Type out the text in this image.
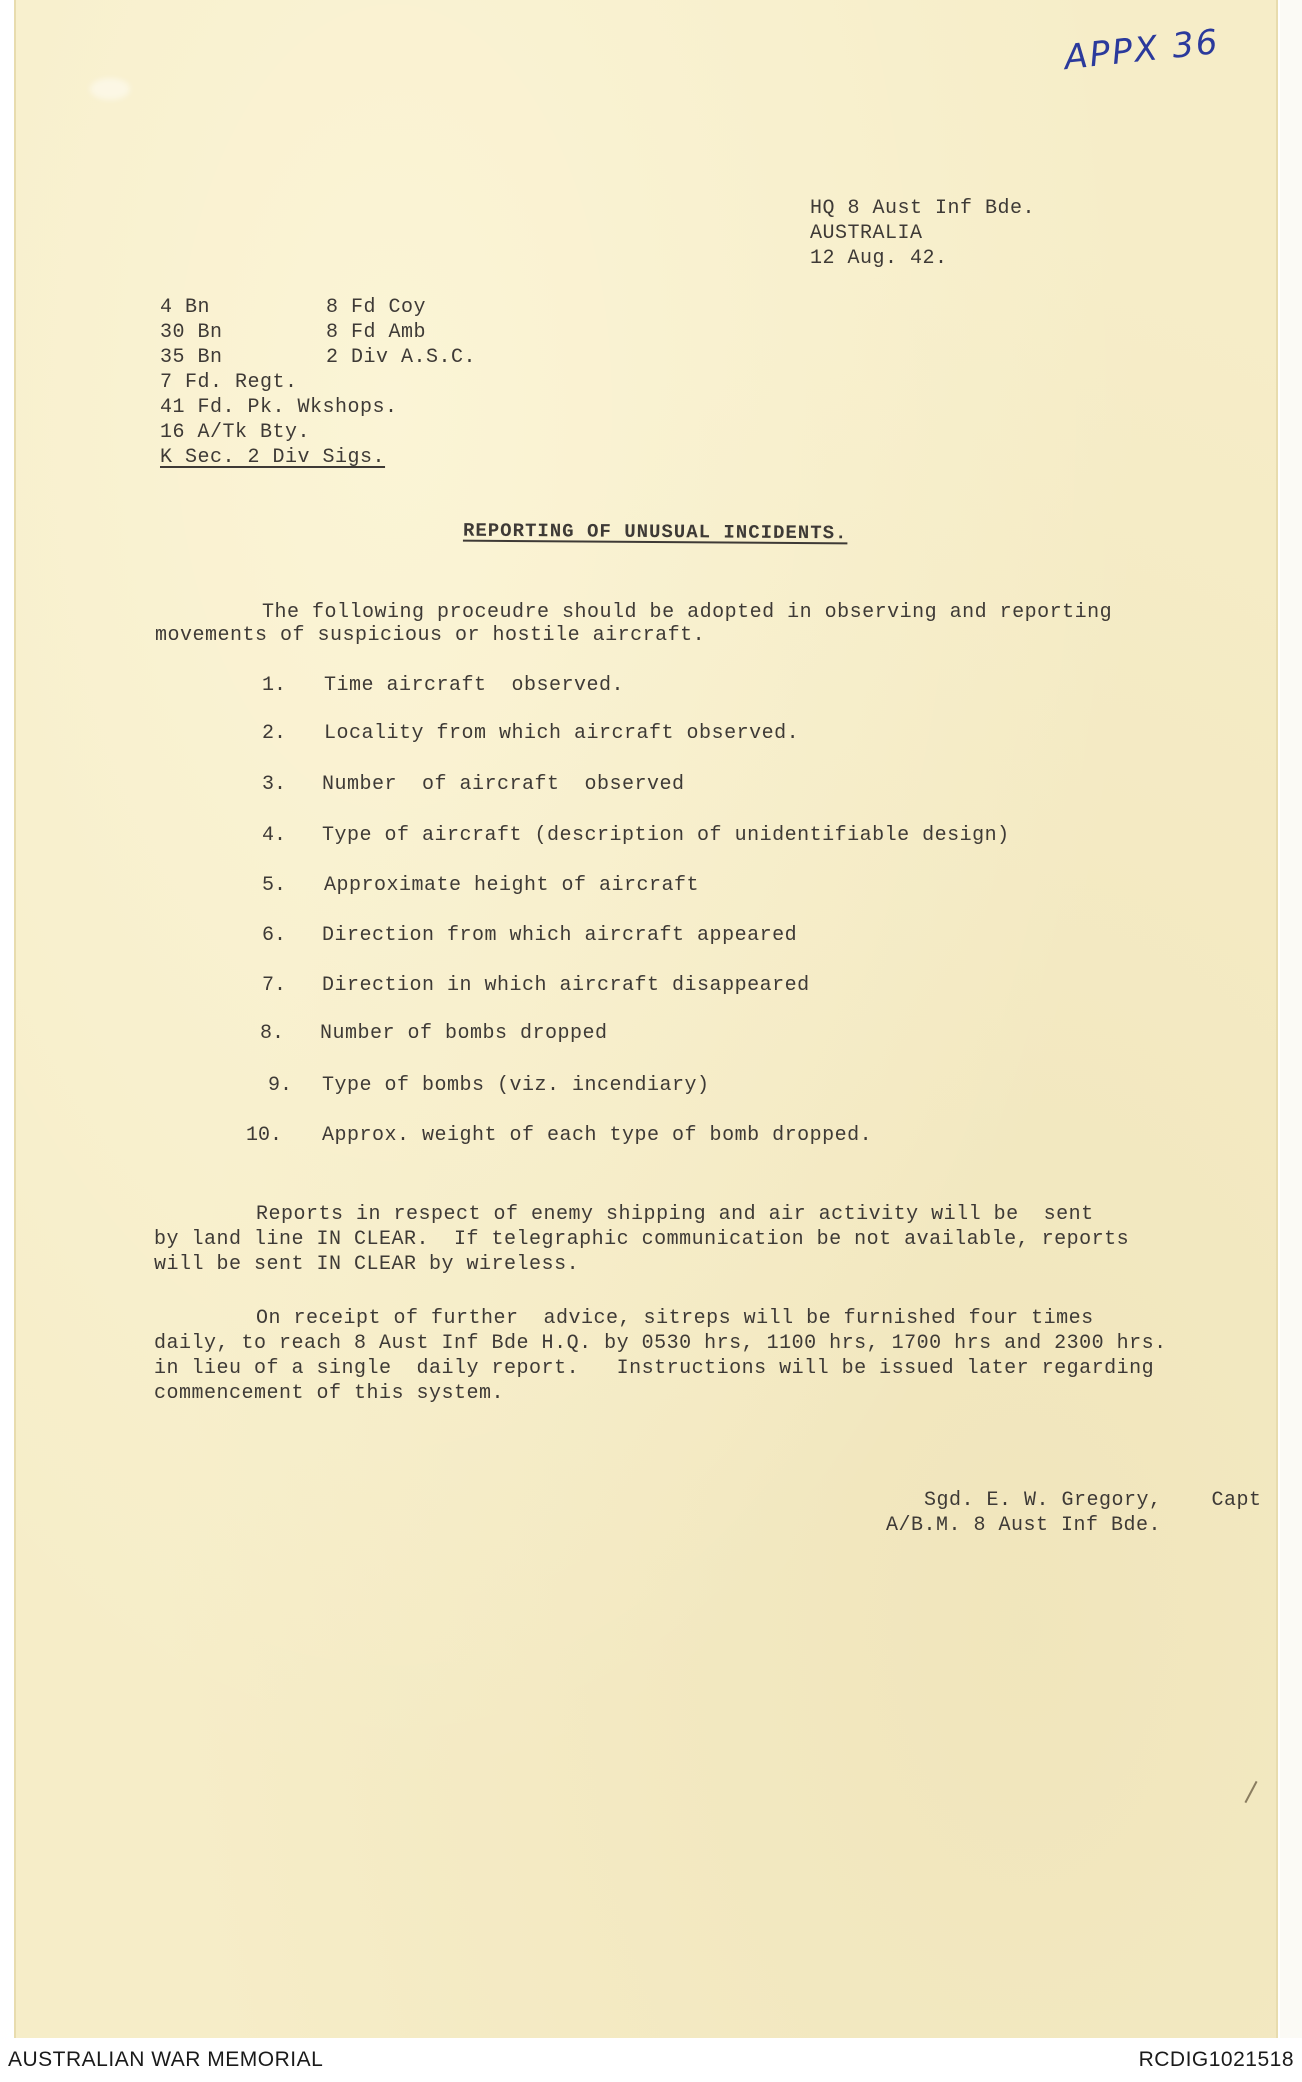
APPX 36
HQ 8 Aust Inf Bde.
AUSTRALIA
12 Aug. 42.
4 Bn
30 Bn
35 Bn
8 Fd Coy
8 Fd Amb
2 Div A.S.C.
7 Fd. Regt.
41 Fd. Pk. Wkshops.
16 A/Tk Bty.
K Sec. 2 Div Sigs.
REPORTING OF UNUSUAL INCIDENTS.
The following proceudre should be adopted in observing and reporting
movements of suspicious or hostile aircraft.
1. Time aircraft  observed.
2. Locality from which aircraft observed.
3. Number  of aircraft  observed
4. Type of aircraft (description of unidentifiable design)
5. Approximate height of aircraft
6. Direction from which aircraft appeared
7. Direction in which aircraft disappeared
8. Number of bombs dropped
9. Type of bombs (viz. incendiary)
10. Approx. weight of each type of bomb dropped.
Reports in respect of enemy shipping and air activity will be  sent
by land line IN CLEAR.  If telegraphic communication be not available, reports
will be sent IN CLEAR by wireless.
On receipt of further  advice, sitreps will be furnished four times
daily, to reach 8 Aust Inf Bde H.Q. by 0530 hrs, 1100 hrs, 1700 hrs and 2300 hrs.
in lieu of a single  daily report.   Instructions will be issued later regarding
commencement of this system.
Sgd. E. W. Gregory,    Capt
A/B.M. 8 Aust Inf Bde.
AUSTRALIAN WAR MEMORIAL	RCDIG1021518
